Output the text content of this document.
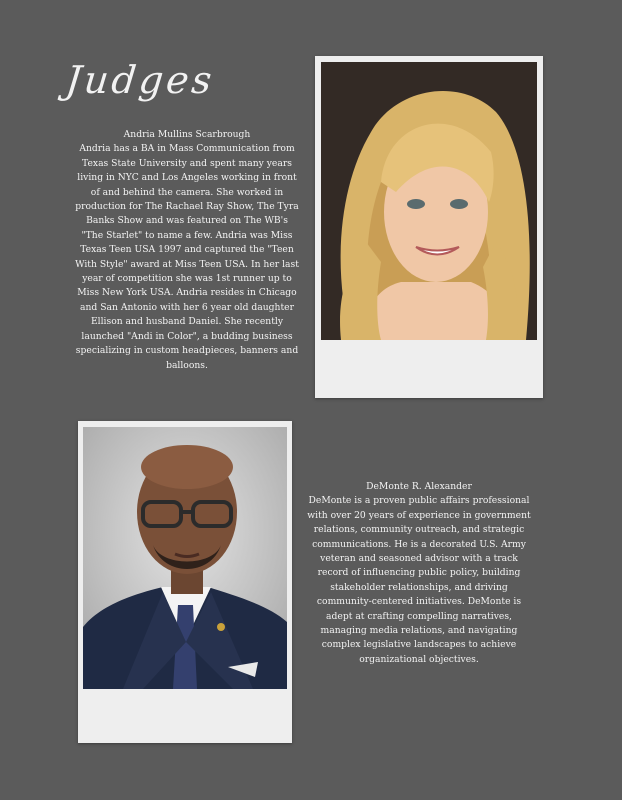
Judges
Andria Mullins Scarbrough
Andria has a BA in Mass Communication from Texas State University and spent many years living in NYC and Los Angeles working in front of and behind the camera. She worked in production for The Rachael Ray Show, The Tyra Banks Show and was featured on The WB's "The Starlet" to name a few. Andria was Miss Texas Teen USA 1997 and captured the "Teen With Style" award at Miss Teen USA. In her last year of competition she was 1st runner up to Miss New York USA. Andria resides in Chicago and San Antonio with her 6 year old daughter Ellison and husband Daniel. She recently launched "Andi in Color", a budding business specializing in custom headpieces, banners and balloons.
DeMonte R. Alexander
DeMonte is a proven public affairs professional with over 20 years of experience in government relations, community outreach, and strategic communications. He is a decorated U.S. Army veteran and seasoned advisor with a track record of influencing public policy, building stakeholder relationships, and driving community-centered initiatives. DeMonte is adept at crafting compelling narratives, managing media relations, and navigating complex legislative landscapes to achieve organizational objectives.
